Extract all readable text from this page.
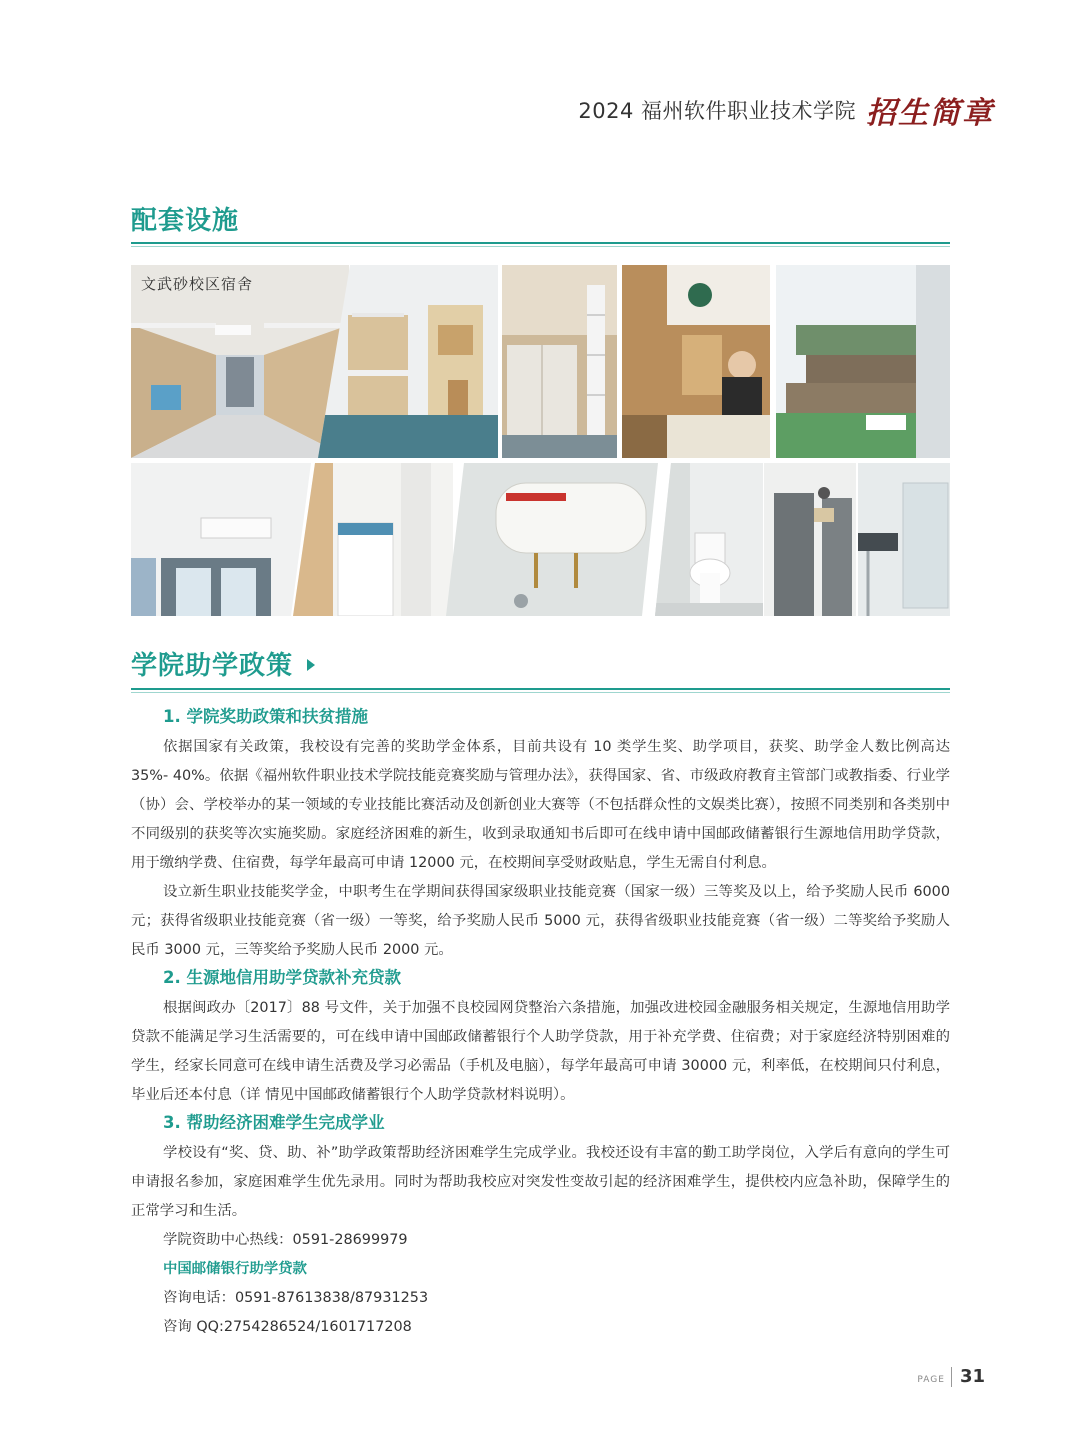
2024 福州软件职业技术学院 招生简章
配套设施
文武砂校区宿舍
学院助学政策
1. 学院奖助政策和扶贫措施

依据国家有关政策，我校设有完善的奖助学金体系，目前共设有 10 类学生奖、助学项目，获奖、助学金人数比例高达 35%- 40%。依据《福州软件职业技术学院技能竞赛奖励与管理办法》，获得国家、省、市级政府教育主管部门或教指委、行业学（协）会、学校举办的某一领域的专业技能比赛活动及创新创业大赛等（不包括群众性的文娱类比赛），按照不同类别和各类别中不同级别的获奖等次实施奖励。家庭经济困难的新生，收到录取通知书后即可在线申请中国邮政储蓄银行生源地信用助学贷款，用于缴纳学费、住宿费，每学年最高可申请 12000 元，在校期间享受财政贴息，学生无需自付利息。

设立新生职业技能奖学金，中职考生在学期间获得国家级职业技能竞赛（国家一级）三等奖及以上，给予奖励人民币 6000 元；获得省级职业技能竞赛（省一级）一等奖，给予奖励人民币 5000 元，获得省级职业技能竞赛（省一级）二等奖给予奖励人民币 3000 元，三等奖给予奖励人民币 2000 元。

2. 生源地信用助学贷款补充贷款

根据闽政办〔2017〕88 号文件，关于加强不良校园网贷整治六条措施，加强改进校园金融服务相关规定，生源地信用助学贷款不能满足学习生活需要的，可在线申请中国邮政储蓄银行个人助学贷款，用于补充学费、住宿费；对于家庭经济特别困难的学生，经家长同意可在线申请生活费及学习必需品（手机及电脑），每学年最高可申请 30000 元，利率低，在校期间只付利息，毕业后还本付息（详 情见中国邮政储蓄银行个人助学贷款材料说明）。

3. 帮助经济困难学生完成学业

学校设有“奖、贷、助、补”助学政策帮助经济困难学生完成学业。我校还设有丰富的勤工助学岗位，入学后有意向的学生可申请报名参加，家庭困难学生优先录用。同时为帮助我校应对突发性变故引起的经济困难学生，提供校内应急补助，保障学生的正常学习和生活。

学院资助中心热线：0591-28699979
中国邮储银行助学贷款
咨询电话：0591-87613838/87931253
咨询 QQ:2754286524/1601717208
PAGE 31
